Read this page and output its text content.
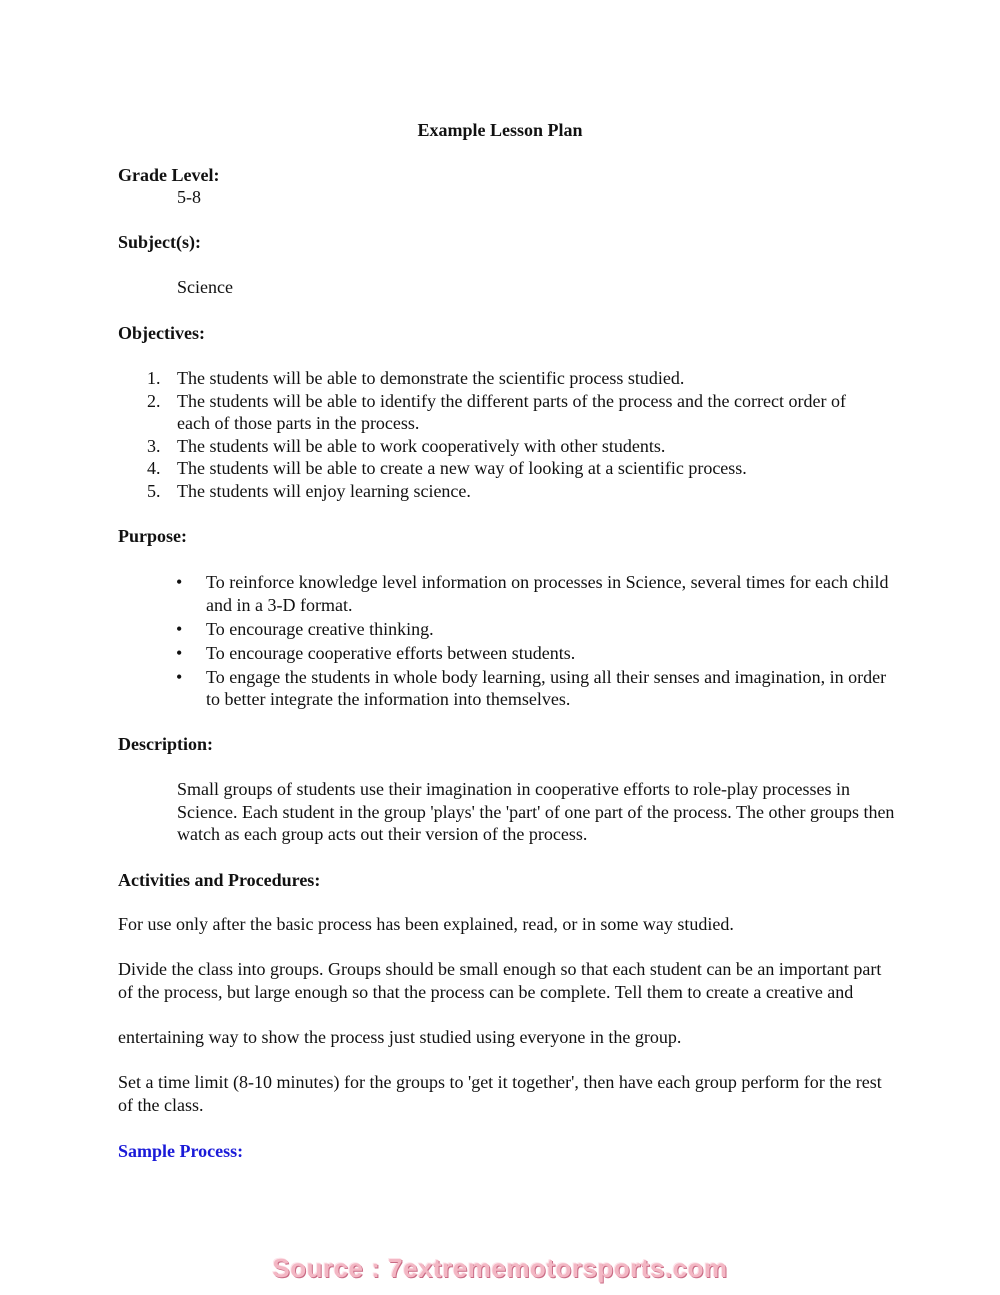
Example Lesson Plan
Grade Level:
5-8
Subject(s):
Science
Objectives:
1. The students will be able to demonstrate the scientific process studied.
2. The students will be able to identify the different parts of the process and the correct order of each of those parts in the process.
3. The students will be able to work cooperatively with other students.
4. The students will be able to create a new way of looking at a scientific process.
5. The students will enjoy learning science.
Purpose:
• To reinforce knowledge level information on processes in Science, several times for each child and in a 3-D format.
• To encourage creative thinking.
• To encourage cooperative efforts between students.
• To engage the students in whole body learning, using all their senses and imagination, in order to better integrate the information into themselves.
Description:
Small groups of students use their imagination in cooperative efforts to role-play processes in Science. Each student in the group 'plays' the 'part' of one part of the process. The other groups then watch as each group acts out their version of the process.
Activities and Procedures:
For use only after the basic process has been explained, read, or in some way studied.
Divide the class into groups. Groups should be small enough so that each student can be an important part of the process, but large enough so that the process can be complete. Tell them to create a creative and
entertaining way to show the process just studied using everyone in the group.
Set a time limit (8-10 minutes) for the groups to 'get it together', then have each group perform for the rest of the class.
Sample Process:
Source : 7extrememotorsports.com
